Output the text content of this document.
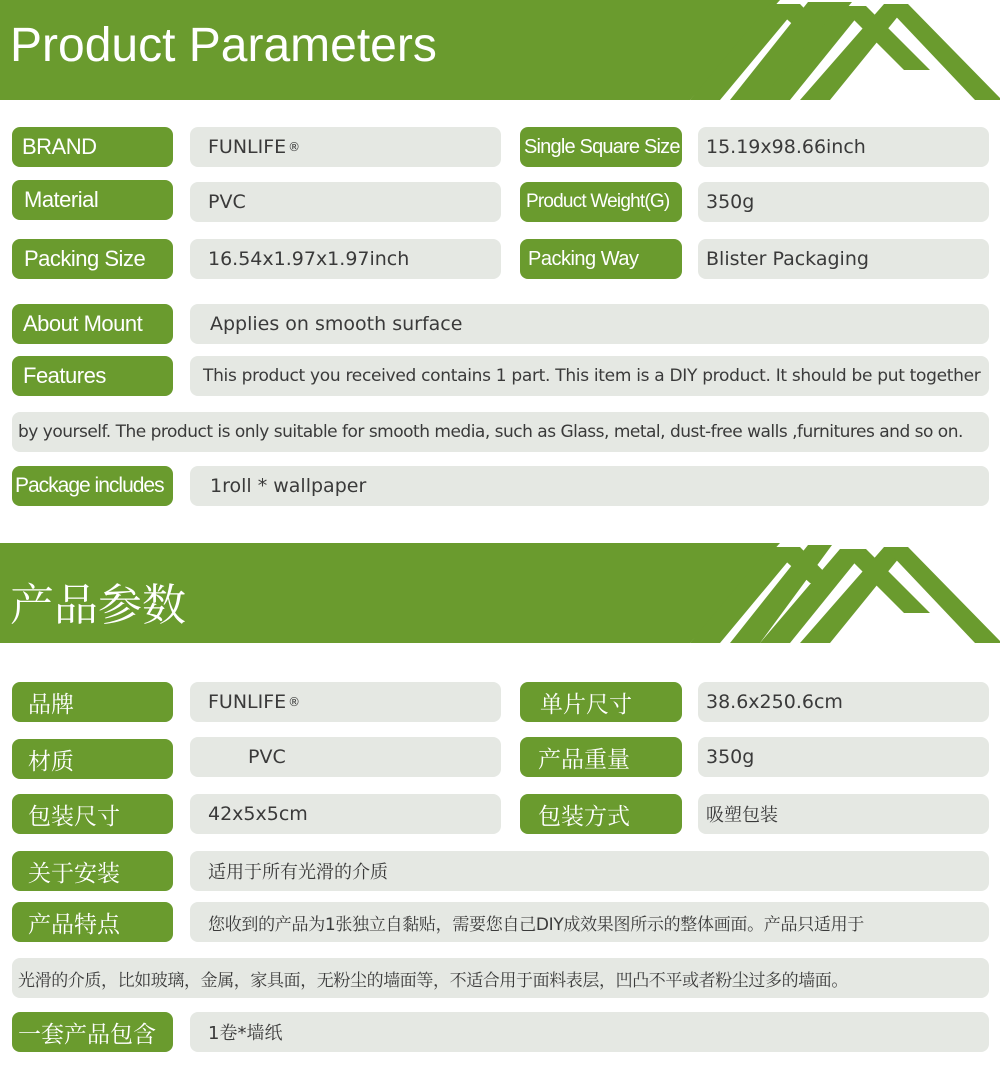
Product Parameters
BRAND	FUNLIFE ®	Single Square Size 15.19x98.66inch
Material	PVC	Product Weight(G) 350g
Packing Size	16.54x1.97x1.97inch	Packing Way	Blister Packaging
About Mount	Applies on smooth surface
Features	This product you received contains 1 part. This item is a DIY product. It should be put together
by yourself. The product is only suitable for smooth media, such as Glass, metal, dust-free walls ,furnitures and so on.
Package includes 1roll * wallpaper
产品参数
品牌	FUNLIFE ®	单片尺寸	38.6x250.6cm
材质	PVC	产品重量	350g
包装尺寸	42x5x5cm	包装方式	吸塑包装
关于安装	适用于所有光滑的介质
产品特点	您收到的产品为1张独立自黏贴，需要您自己DIY成效果图所示的整体画面。产品只适用于
光滑的介质，比如玻璃，金属，家具面，无粉尘的墙面等，不适合用于面料表层，凹凸不平或者粉尘过多的墙面。
一套产品包含	1卷*墙纸
